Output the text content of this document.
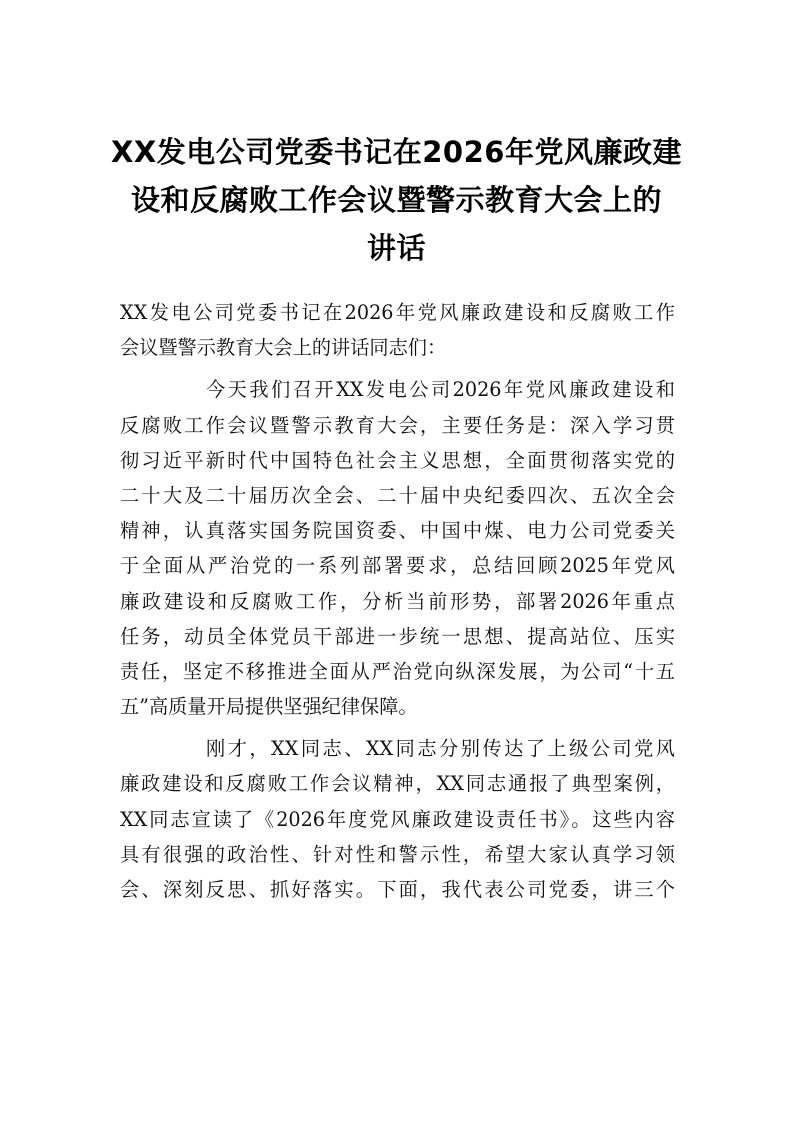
XX发电公司党委书记在2026年党风廉政建
设和反腐败工作会议暨警示教育大会上的
讲话
XX发电公司党委书记在2026年党风廉政建设和反腐败工作
会议暨警示教育大会上的讲话同志们：
今天我们召开XX发电公司2026年党风廉政建设和
反腐败工作会议暨警示教育大会，主要任务是：深入学习贯
彻习近平新时代中国特色社会主义思想，全面贯彻落实党的
二十大及二十届历次全会、二十届中央纪委四次、五次全会
精神，认真落实国务院国资委、中国中煤、电力公司党委关
于全面从严治党的一系列部署要求，总结回顾2025年党风
廉政建设和反腐败工作，分析当前形势，部署2026年重点
任务，动员全体党员干部进一步统一思想、提高站位、压实
责任，坚定不移推进全面从严治党向纵深发展，为公司“十五
五”高质量开局提供坚强纪律保障。
刚才，XX同志、XX同志分别传达了上级公司党风
廉政建设和反腐败工作会议精神，XX同志通报了典型案例，
XX同志宣读了《2026年度党风廉政建设责任书》。这些内容
具有很强的政治性、针对性和警示性，希望大家认真学习领
会、深刻反思、抓好落实。下面，我代表公司党委，讲三个
